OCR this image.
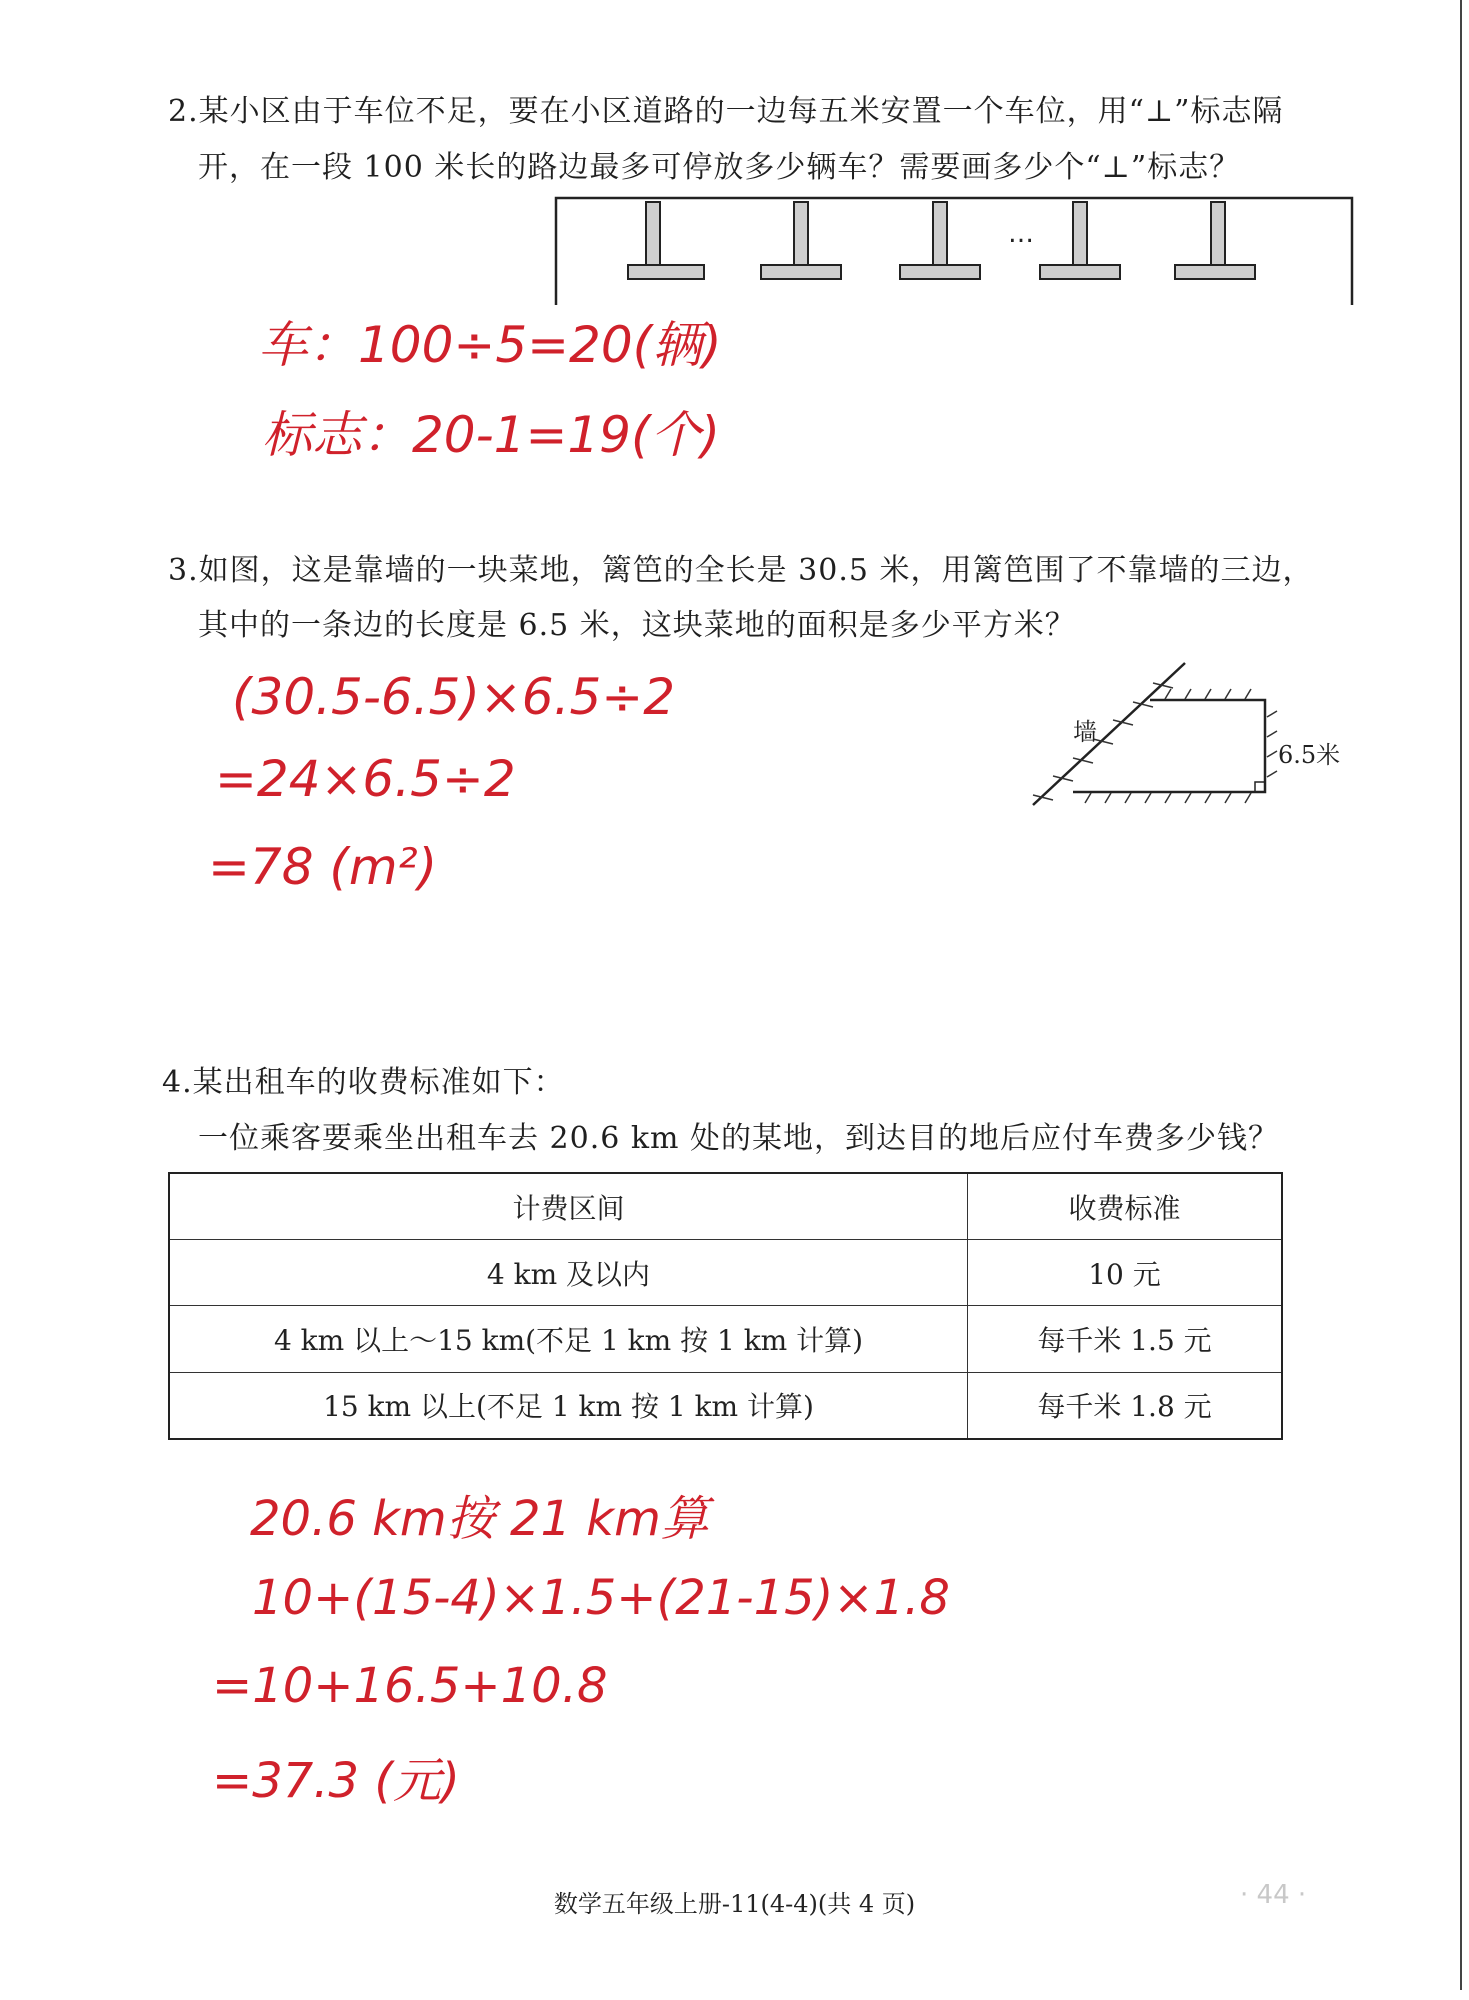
2.某小区由于车位不足，要在小区道路的一边每五米安置一个车位，用“⊥”标志隔
开，在一段 100 米长的路边最多可停放多少辆车？需要画多少个“⊥”标志？
…
车：100÷5=20(辆)
标志：20-1=19(个)
3.如图，这是靠墙的一块菜地，篱笆的全长是 30.5 米，用篱笆围了不靠墙的三边，
其中的一条边的长度是 6.5 米，这块菜地的面积是多少平方米？
(30.5-6.5)×6.5÷2
=24×6.5÷2
=78 (m²)
墙
6.5米
4.某出租车的收费标准如下：
一位乘客要乘坐出租车去 20.6 km 处的某地，到达目的地后应付车费多少钱？
计费区间	收费标准
4 km 及以内	10 元
4 km 以上～15 km(不足 1 km 按 1 km 计算)	每千米 1.5 元
15 km 以上(不足 1 km 按 1 km 计算)	每千米 1.8 元
20.6 km按 21 km算
10+(15-4)×1.5+(21-15)×1.8
=10+16.5+10.8
=37.3 (元)
数学五年级上册-11(4-4)(共 4 页)	· 44 ·
